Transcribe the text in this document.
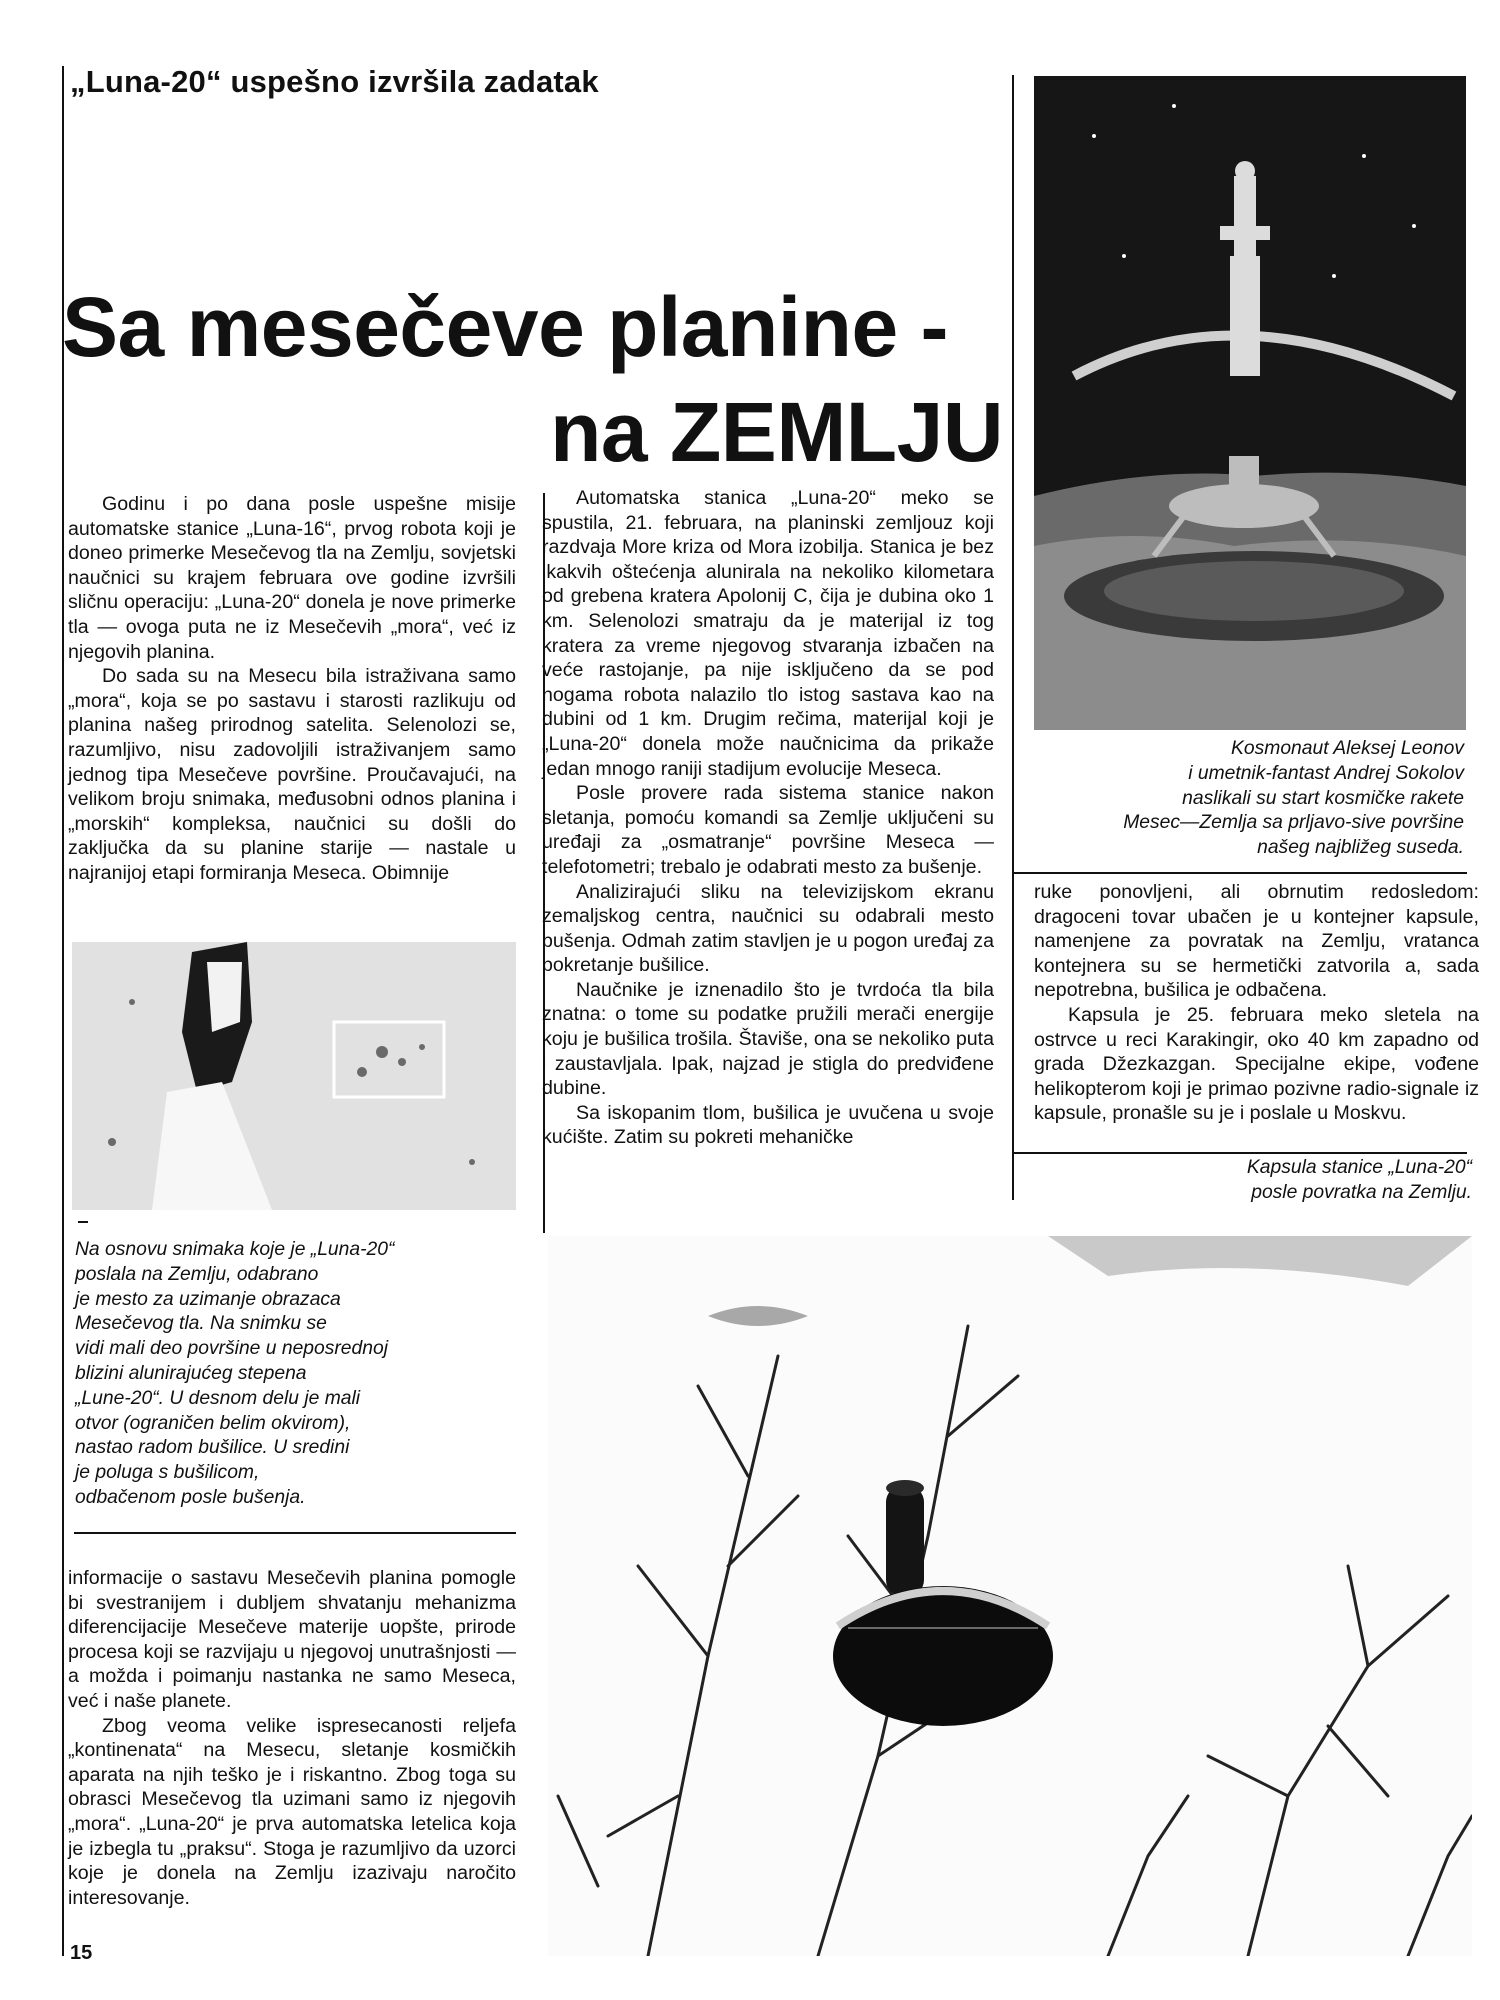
„Luna-20“ uspešno izvršila zadatak
Sa mesečeve planine -
na ZEMLJU
Kosmonaut Aleksej Leonov
i umetnik-fantast Andrej Sokolov
naslikali su start kosmičke rakete
Mesec—Zemlja sa prljavo-sive površine
našeg najbližeg suseda.

Godinu i po dana posle uspešne misije automatske stanice „Luna-16“, prvog robota koji je doneo primerke Mesečevog tla na Zemlju, sovjetski naučnici su krajem februara ove godine izvršili sličnu operaciju: „Luna-20“ donela je nove primerke tla — ovoga puta ne iz Mesečevih „mora“, već iz njegovih planina.

Do sada su na Mesecu bila istraživana samo „mora“, koja se po sastavu i starosti razlikuju od planina našeg prirodnog satelita. Selenolozi se, razumljivo, nisu zadovoljili istraživanjem samo jednog tipa Mesečeve površine. Proučavajući, na velikom broju snimaka, međusobni odnos planina i „morskih“ kompleksa, naučnici su došli do zaključka da su planine starije — nastale u najranijoj etapi formiranja Meseca. Obimnije

Na osnovu snimaka koje je „Luna-20“
poslala na Zemlju, odabrano
je mesto za uzimanje obrazaca
Mesečevog tla. Na snimku se
vidi mali deo površine u neposrednoj
blizini alunirajućeg stepena
„Lune-20“. U desnom delu je mali
otvor (ograničen belim okvirom),
nastao radom bušilice. U sredini
je poluga s bušilicom,
odbačenom posle bušenja.

informacije o sastavu Mesečevih planina pomogle bi svestranijem i dubljem shvatanju mehanizma diferencijacije Mesečeve materije uopšte, prirode procesa koji se razvijaju u njegovoj unutrašnjosti — a možda i poimanju nastanka ne samo Meseca, već i naše planete.

Zbog veoma velike ispresecanosti reljefa „kontinenata“ na Mesecu, sletanje kosmičkih aparata na njih teško je i riskantno. Zbog toga su obrasci Mesečevog tla uzimani samo iz njegovih „mora“. „Luna-20“ je prva automatska letelica koja je izbegla tu „praksu“. Stoga je razumljivo da uzorci koje je donela na Zemlju izazivaju naročito interesovanje.

Automatska stanica „Luna-20“ meko se spustila, 21. februara, na planinski zemljouz koji razdvaja More kriza od Mora izobilja. Stanica je bez ikakvih oštećenja alunirala na nekoliko kilometara od grebena kratera Apolonij C, čija je dubina oko 1 km. Selenolozi smatraju da je materijal iz tog kratera za vreme njegovog stvaranja izbačen na veće rastojanje, pa nije isključeno da se pod nogama robota nalazilo tlo istog sastava kao na dubini od 1 km. Drugim rečima, materijal koji je „Luna-20“ donela može naučnicima da prikaže jedan mnogo raniji stadijum evolucije Meseca.

Posle provere rada sistema stanice nakon sletanja, pomoću komandi sa Zemlje uključeni su uređaji za „osmatranje“ površine Meseca — telefotometri; trebalo je odabrati mesto za bušenje.

Analizirajući sliku na televizijskom ekranu zemaljskog centra, naučnici su odabrali mesto bušenja. Odmah zatim stavljen je u pogon uređaj za pokretanje bušilice.

Naučnike je iznenadilo što je tvrdoća tla bila znatna: o tome su podatke pružili merači energije koju je bušilica trošila. Štaviše, ona se nekoliko puta i zaustavljala. Ipak, najzad je stigla do predviđene dubine.

Sa iskopanim tlom, bušilica je uvučena u svoje kućište. Zatim su pokreti mehaničke

ruke ponovljeni, ali obrnutim redosledom: dragoceni tovar ubačen je u kontejner kapsule, namenjene za povratak na Zemlju, vratanca kontejnera su se hermetički zatvorila a, sada nepotrebna, bušilica je odbačena.

Kapsula je 25. februara meko sletela na ostrvce u reci Karakingir, oko 40 km zapadno od grada Džezkazgan. Specijalne ekipe, vođene helikopterom koji je primao pozivne radio-signale iz kapsule, pronašle su je i poslale u Moskvu.

Kapsula stanice „Luna-20“
posle povratka na Zemlju.
15
